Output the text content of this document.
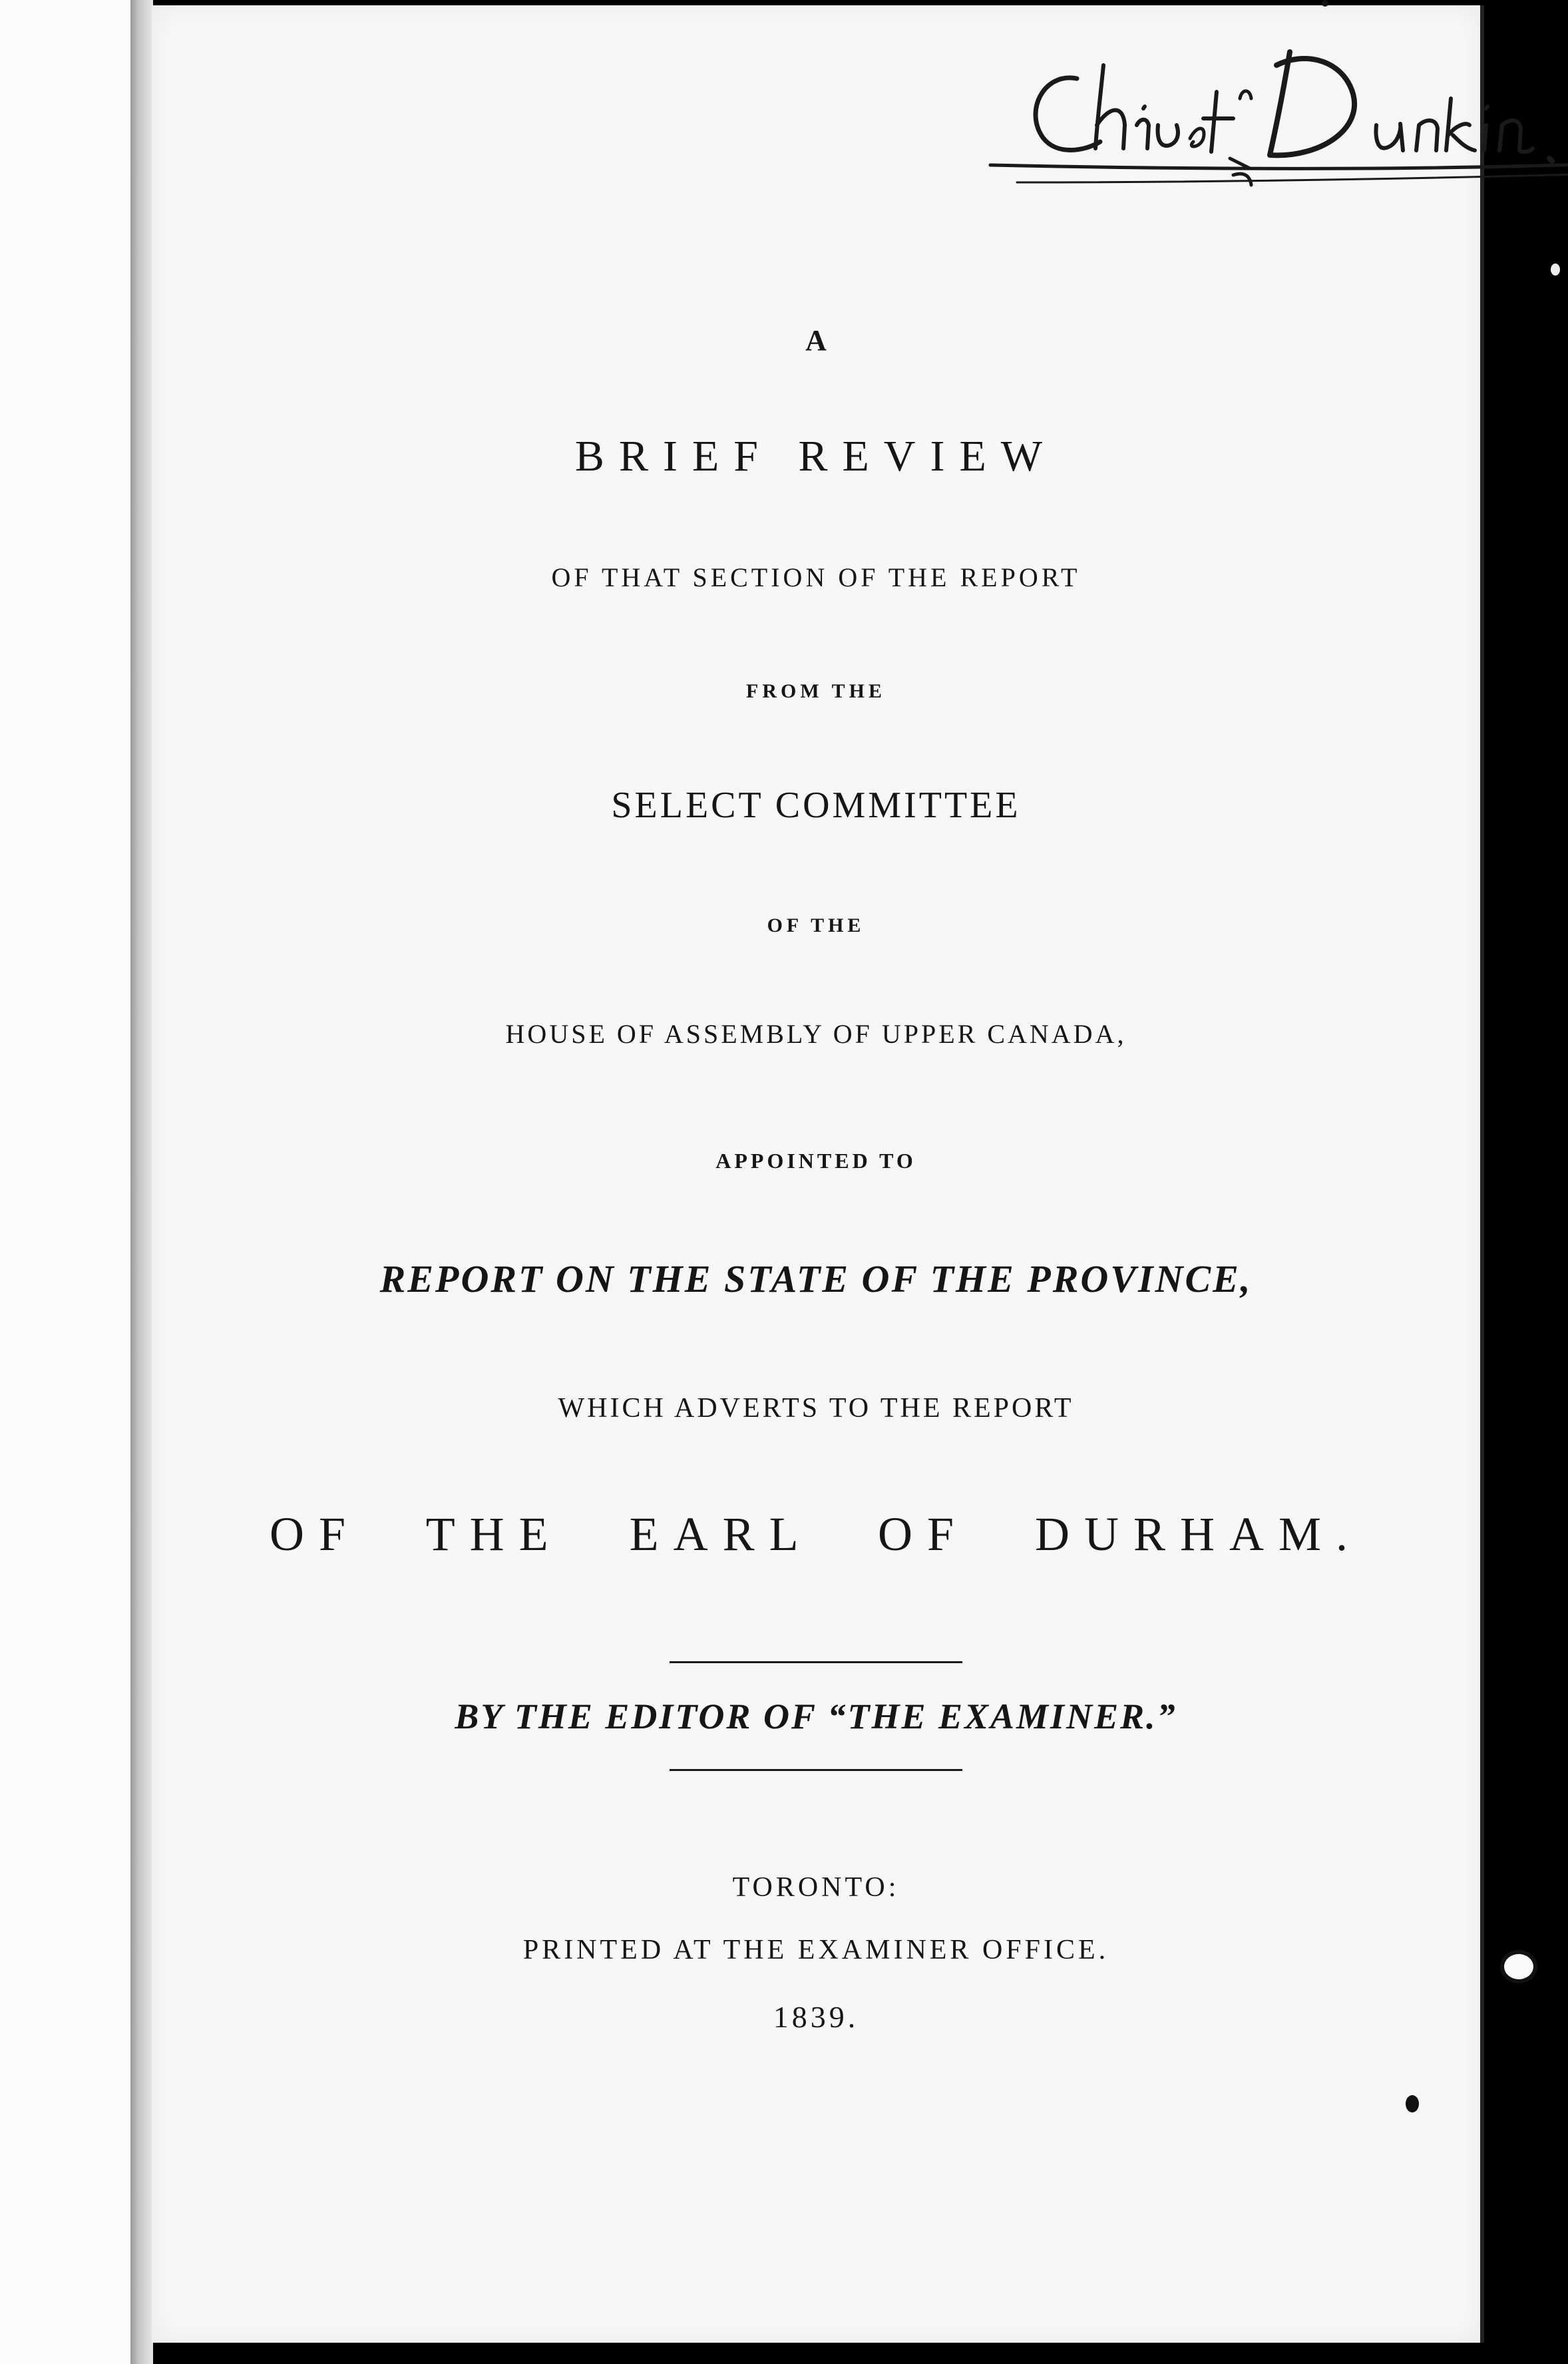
A
BRIEF REVIEW
OF THAT SECTION OF THE REPORT
FROM THE
SELECT COMMITTEE
OF THE
HOUSE OF ASSEMBLY OF UPPER CANADA,
APPOINTED TO
REPORT ON THE STATE OF THE PROVINCE,
WHICH ADVERTS TO THE REPORT
OF THE EARL OF DURHAM.
BY THE EDITOR OF “THE EXAMINER.”
TORONTO:
PRINTED AT THE EXAMINER OFFICE.
1839.
